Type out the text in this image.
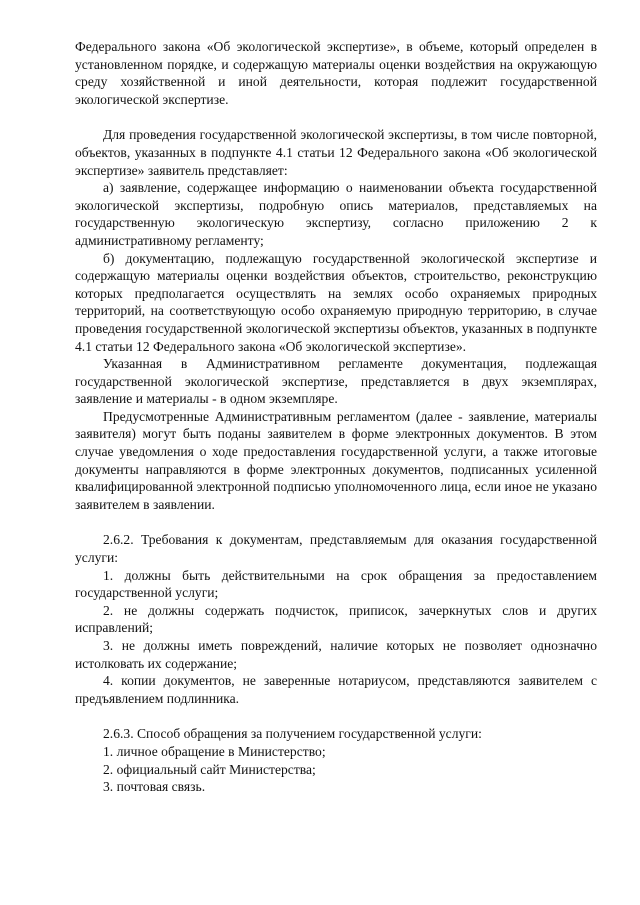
Федерального закона «Об экологической экспертизе», в объеме, который определен в установленном порядке, и содержащую материалы оценки воздействия на окружающую среду хозяйственной и иной деятельности, которая подлежит государственной экологической экспертизе.

Для проведения государственной экологической экспертизы, в том числе повторной, объектов, указанных в подпункте 4.1 статьи 12 Федерального закона «Об экологической экспертизе» заявитель представляет:

а) заявление, содержащее информацию о наименовании объекта государственной экологической экспертизы, подробную опись материалов, представляемых на государственную экологическую экспертизу, согласно приложению 2 к административному регламенту;

б) документацию, подлежащую государственной экологической экспертизе и содержащую материалы оценки воздействия объектов, строительство, реконструкцию которых предполагается осуществлять на землях особо охраняемых природных территорий, на соответствующую особо охраняемую природную территорию, в случае проведения государственной экологической экспертизы объектов, указанных в подпункте 4.1 статьи 12 Федерального закона «Об экологической экспертизе».

Указанная в Административном регламенте документация, подлежащая государственной экологической экспертизе, представляется в двух экземплярах, заявление и материалы - в одном экземпляре.

Предусмотренные Административным регламентом (далее - заявление, материалы заявителя) могут быть поданы заявителем в форме электронных документов. В этом случае уведомления о ходе предоставления государственной услуги, а также итоговые документы направляются в форме электронных документов, подписанных усиленной квалифицированной электронной подписью уполномоченного лица, если иное не указано заявителем в заявлении.

2.6.2. Требования к документам, представляемым для оказания государственной услуги:

1. должны быть действительными на срок обращения за предоставлением государственной услуги;

2. не должны содержать подчисток, приписок, зачеркнутых слов и других исправлений;

3. не должны иметь повреждений, наличие которых не позволяет однозначно истолковать их содержание;

4. копии документов, не заверенные нотариусом, представляются заявителем с предъявлением подлинника.

2.6.3. Способ обращения за получением государственной услуги:

1. личное обращение в Министерство;

2. официальный сайт Министерства;

3. почтовая связь.
